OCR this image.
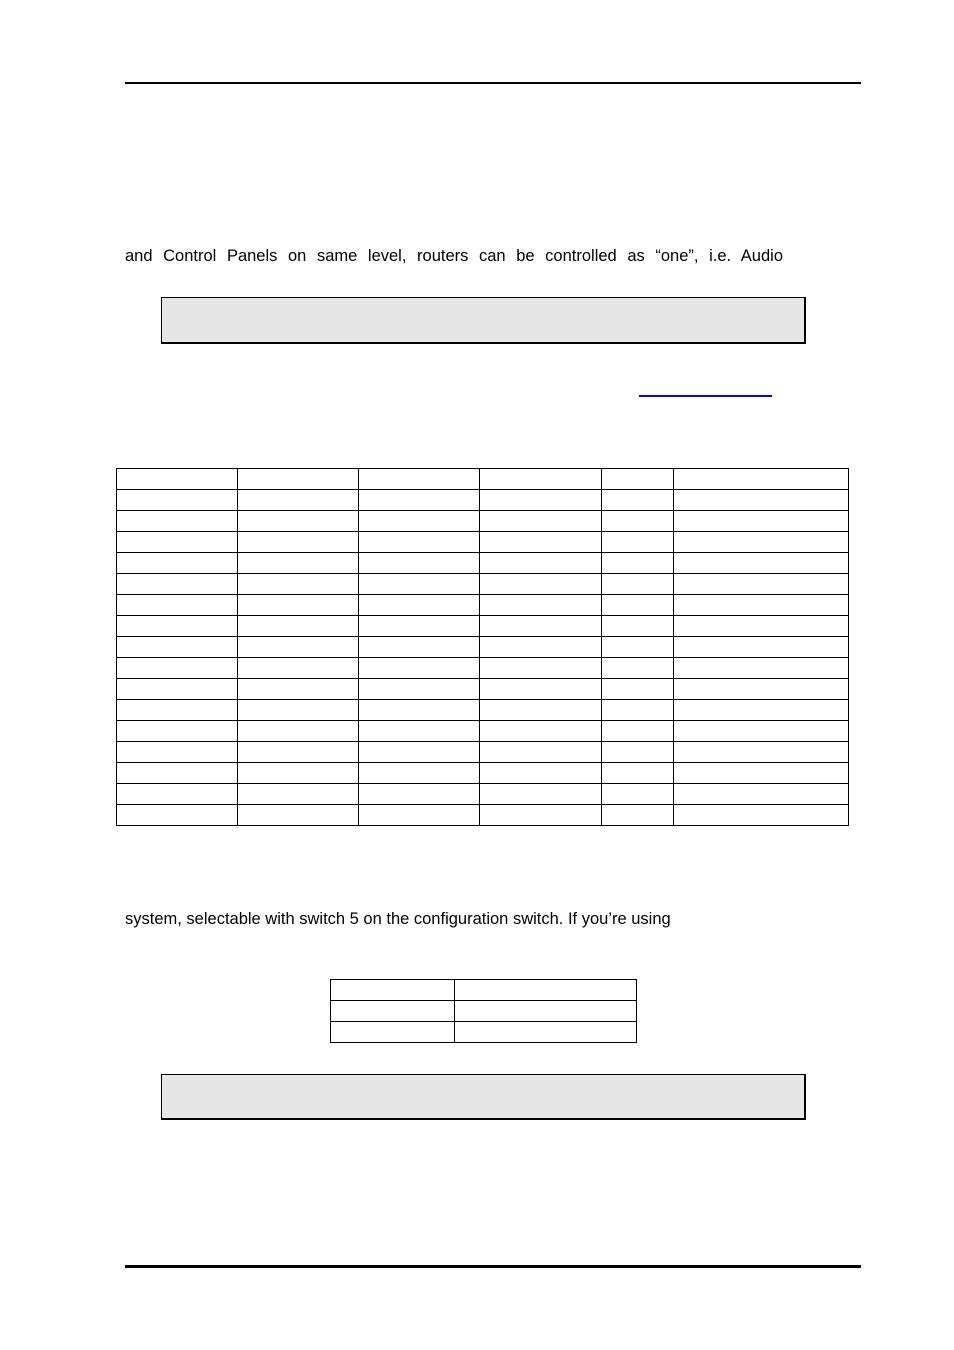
and Control Panels on same level, routers can be controlled as “one”, i.e. Audio

system, selectable with switch 5 on the configuration switch. If you’re using
